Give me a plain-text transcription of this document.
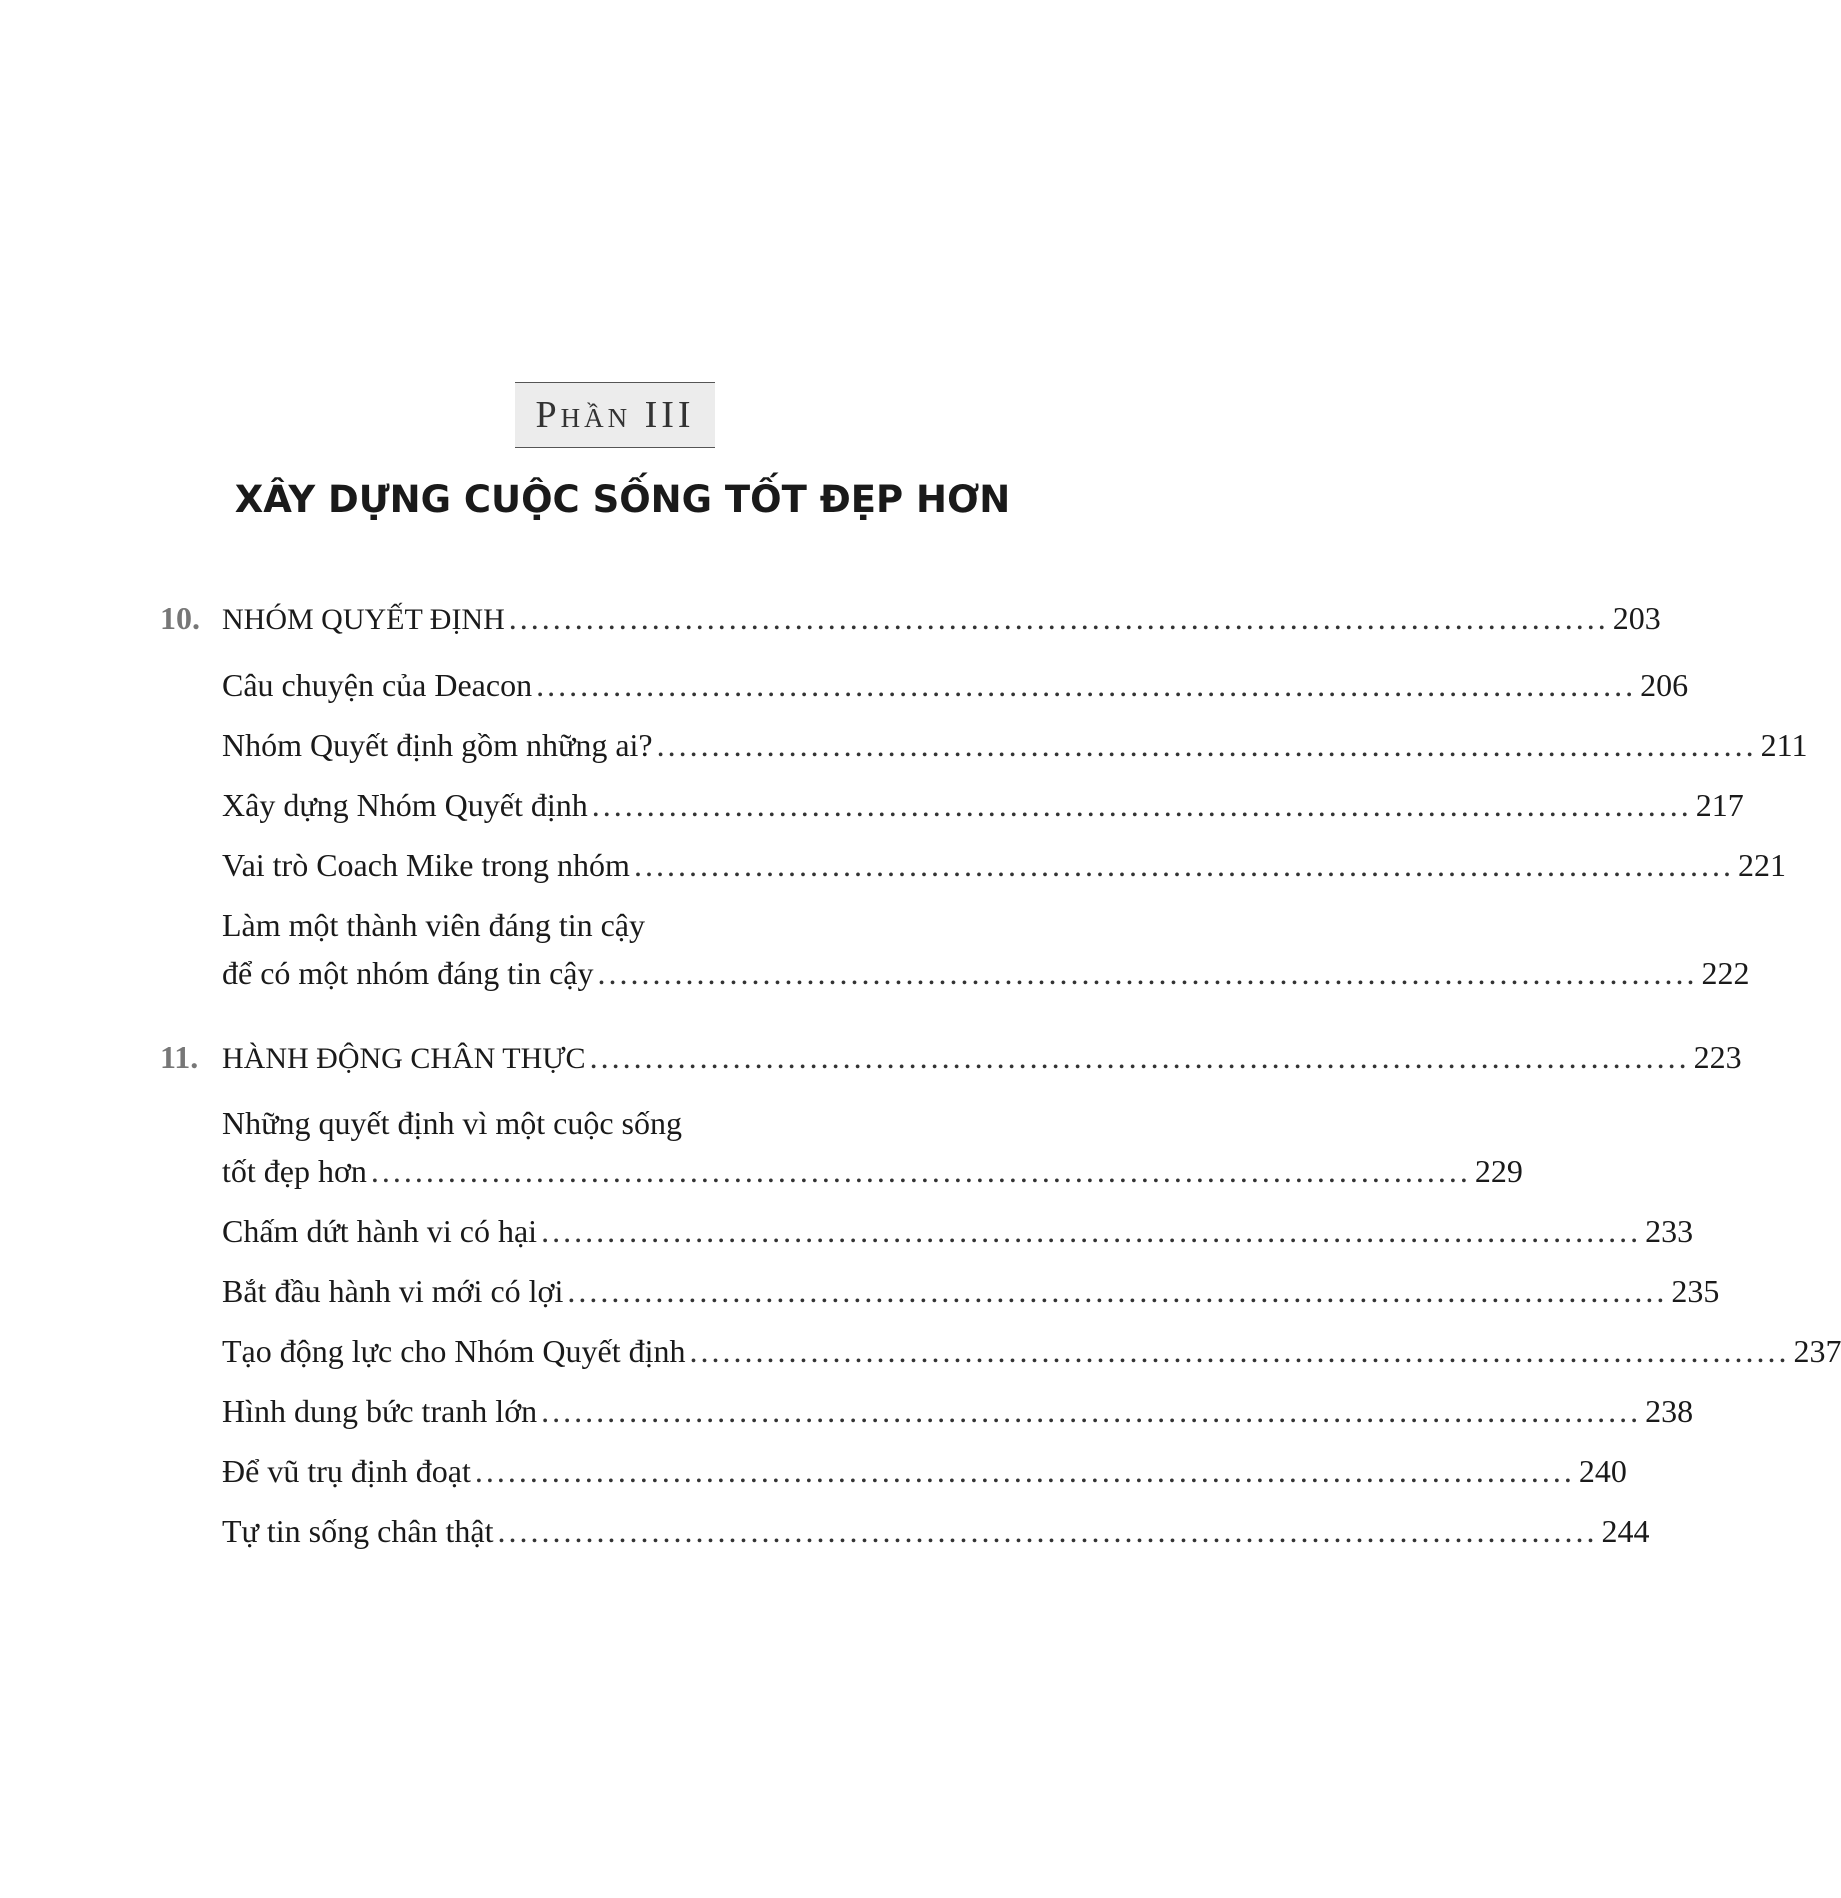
Phần III
XÂY DỰNG CUỘC SỐNG TỐT ĐẸP HƠN
10. NHÓM QUYẾT ĐỊNH .................................................................................................... 203
Câu chuyện của Deacon .................................................................................................... 206
Nhóm Quyết định gồm những ai? .................................................................................................... 211
Xây dựng Nhóm Quyết định .................................................................................................... 217
Vai trò Coach Mike trong nhóm .................................................................................................... 221
Làm một thành viên đáng tin cậy
để có một nhóm đáng tin cậy .................................................................................................... 222
11. HÀNH ĐỘNG CHÂN THỰC .................................................................................................... 223
Những quyết định vì một cuộc sống
tốt đẹp hơn .................................................................................................... 229
Chấm dứt hành vi có hại .................................................................................................... 233
Bắt đầu hành vi mới có lợi .................................................................................................... 235
Tạo động lực cho Nhóm Quyết định .................................................................................................... 237
Hình dung bức tranh lớn .................................................................................................... 238
Để vũ trụ định đoạt .................................................................................................... 240
Tự tin sống chân thật .................................................................................................... 244
